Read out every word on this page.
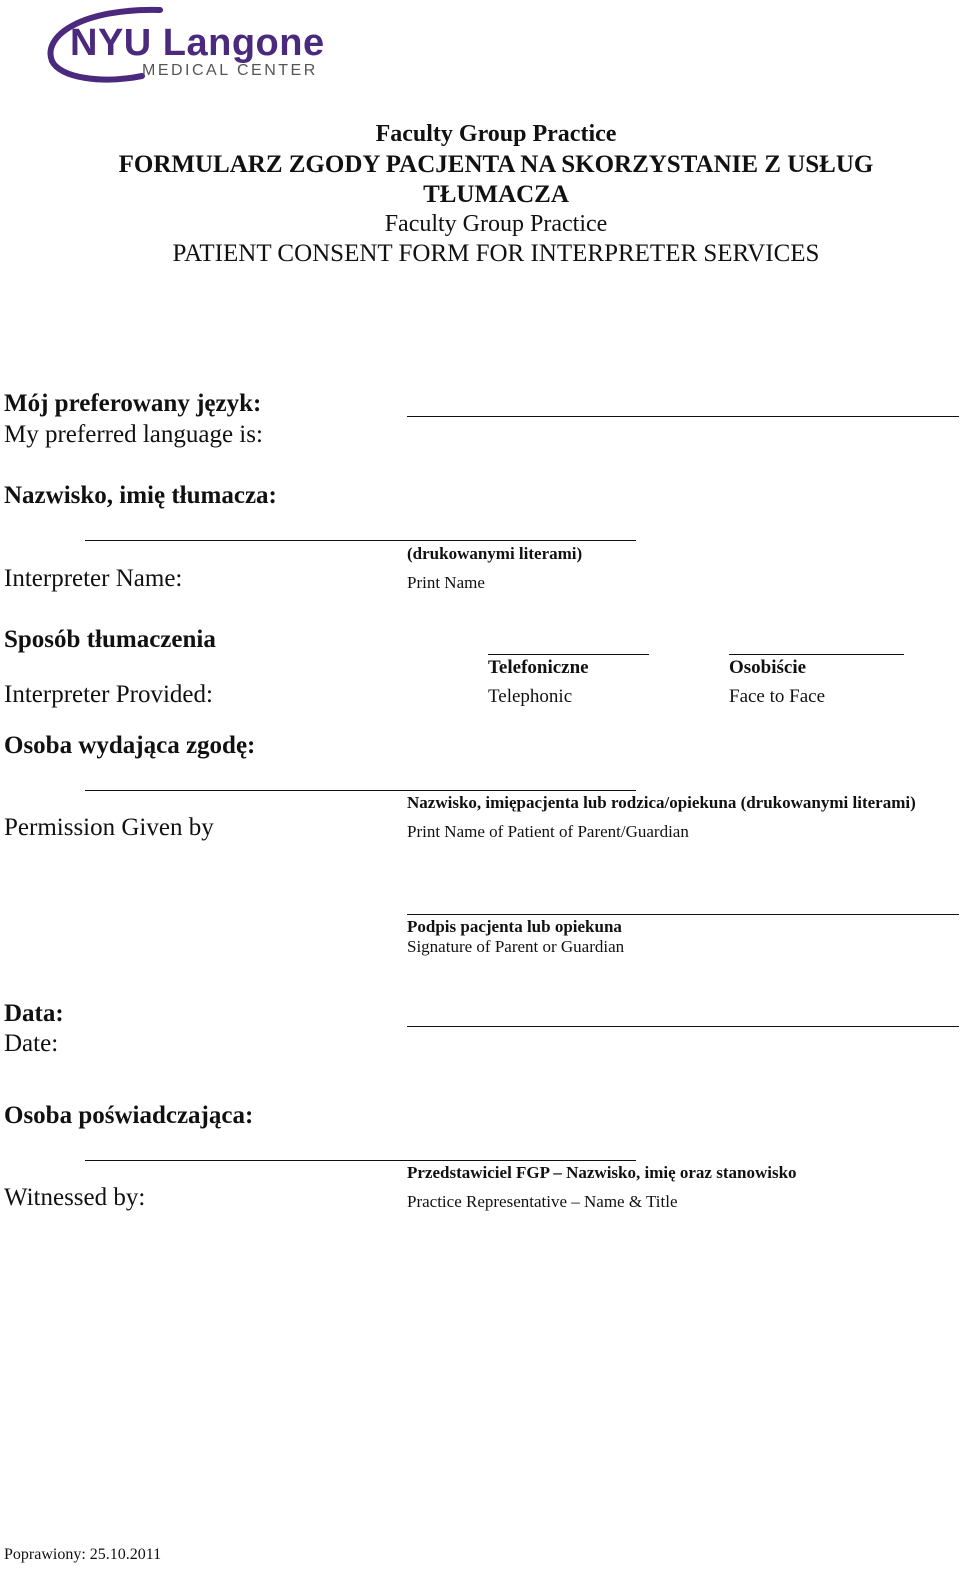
NYU Langone
MEDICAL CENTER
Faculty Group Practice
FORMULARZ ZGODY PACJENTA NA SKORZYSTANIE Z USŁUG
TŁUMACZA
Faculty Group Practice
PATIENT CONSENT FORM FOR INTERPRETER SERVICES
Mój preferowany język:
My preferred language is:
Nazwisko, imię tłumacza:
(drukowanymi literami)
Interpreter Name:	Print Name
Sposób tłumaczenia
Telefoniczne	Osobiście
Interpreter Provided:	Telephonic	Face to Face
Osoba wydająca zgodę:
Nazwisko, imiępacjenta lub rodzica/opiekuna (drukowanymi literami)
Permission Given by	Print Name of Patient of Parent/Guardian
Podpis pacjenta lub opiekuna
Signature of Parent or Guardian
Data:
Date:
Osoba poświadczająca:
Przedstawiciel FGP – Nazwisko, imię oraz stanowisko
Witnessed by:	Practice Representative – Name & Title
Poprawiony: 25.10.2011
